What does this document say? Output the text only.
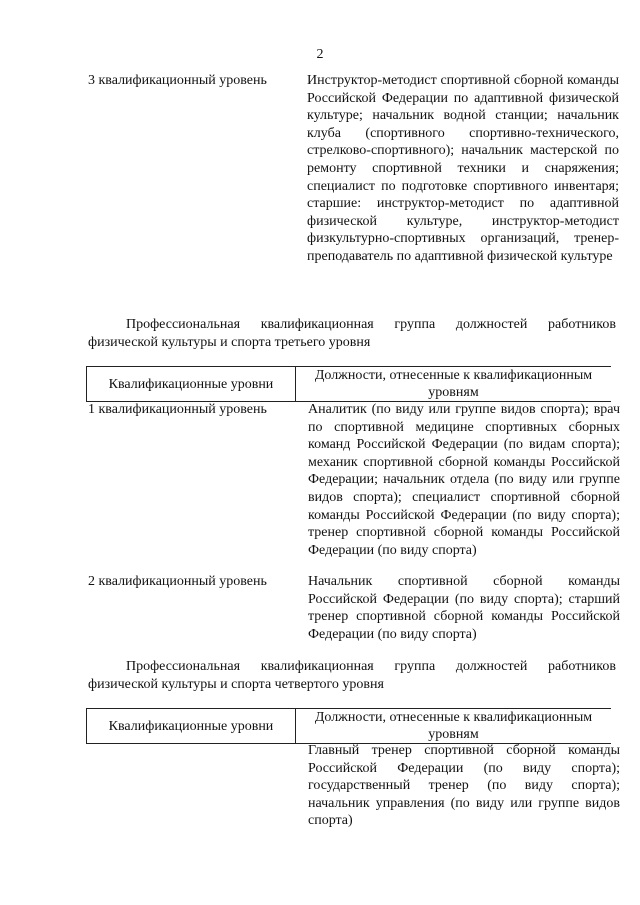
2
3 квалификационный уровень	Инструктор-методист спортивной сборной команды Российской Федерации по адаптивной физической культуре; начальник водной станции; начальник клуба (спортивного спортивно-технического, стрелково-спортивного); начальник мастерской по ремонту спортивной техники и снаряжения; специалист по подготовке спортивного инвентаря; старшие: инструктор-методист по адаптивной физической культуре, инструктор-методист физкультурно-спортивных организаций, тренер-преподаватель по адаптивной физической культуре
Профессиональная квалификационная группа должностей работников физической культуры и спорта третьего уровня
Квалификационные уровни	Должности, отнесенные к квалификационным уровням
1 квалификационный уровень	Аналитик (по виду или группе видов спорта); врач по спортивной медицине спортивных сборных команд Российской Федерации (по видам спорта); механик спортивной сборной команды Российской Федерации; начальник отдела (по виду или группе видов спорта); специалист спортивной сборной команды Российской Федерации (по виду спорта); тренер спортивной сборной команды Российской Федерации (по виду спорта)
2 квалификационный уровень	Начальник спортивной сборной команды Российской Федерации (по виду спорта); старший тренер спортивной сборной команды Российской Федерации (по виду спорта)
Профессиональная квалификационная группа должностей работников физической культуры и спорта четвертого уровня
Квалификационные уровни	Должности, отнесенные к квалификационным уровням
Главный тренер спортивной сборной команды Российской Федерации (по виду спорта); государственный тренер (по виду спорта); начальник управления (по виду или группе видов спорта)
